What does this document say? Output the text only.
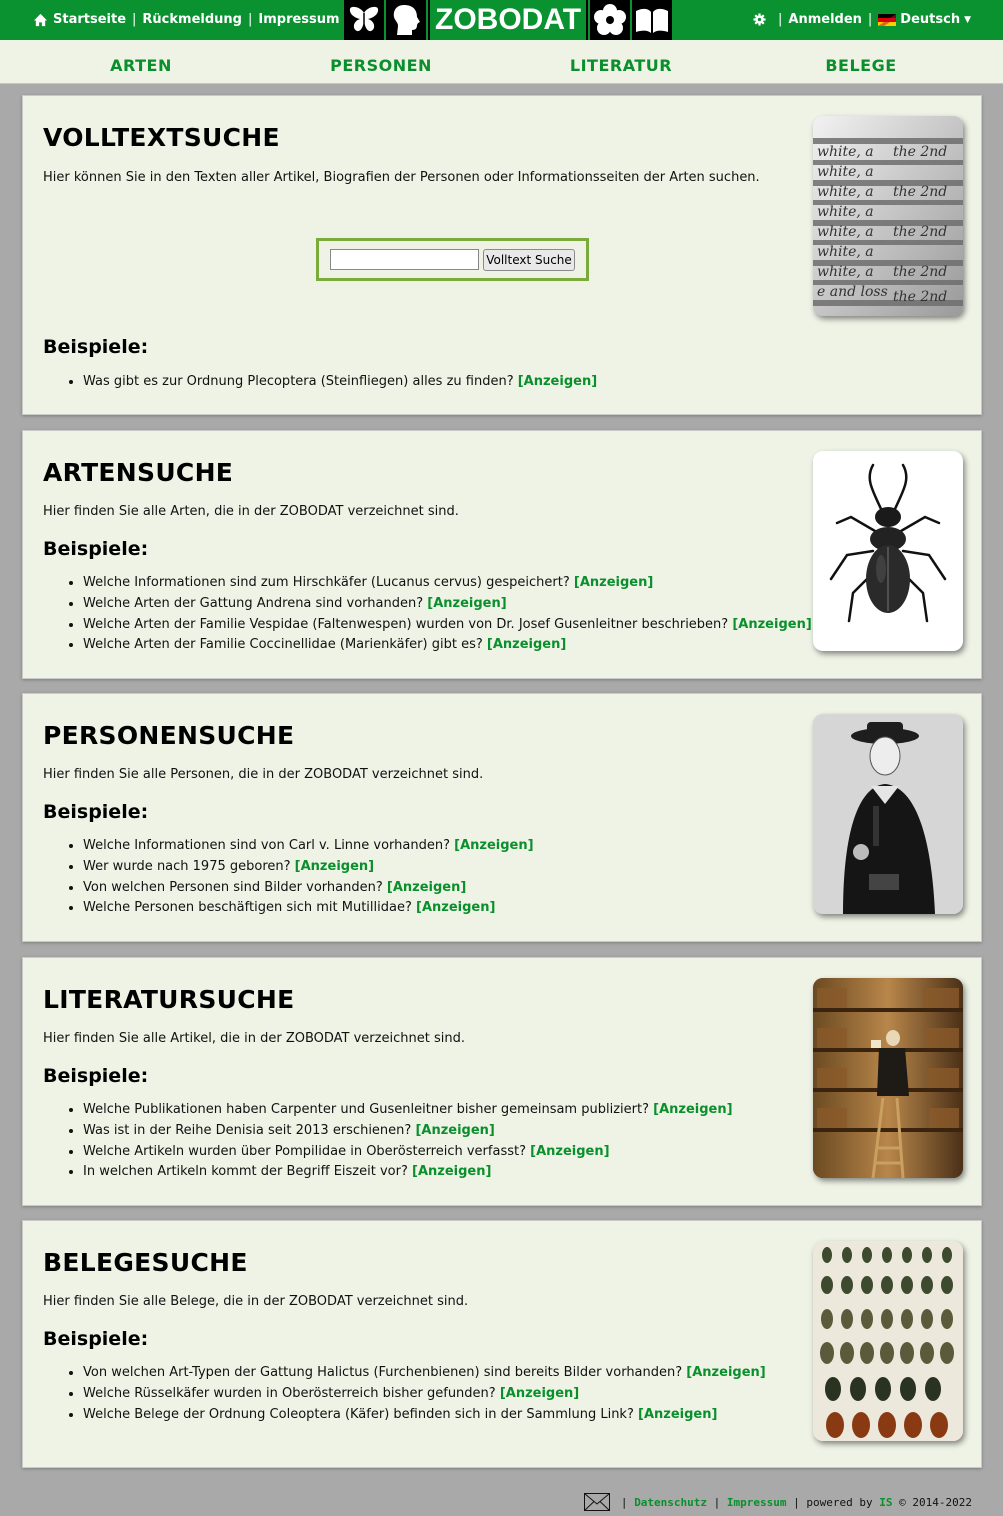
Startseite | Rückmeldung | Impressum	ZOBODAT	| Anmelden | Deutsch ▼
ARTEN	PERSONEN	LITERATUR	BELEGE
VOLLTEXTSUCHE
Hier können Sie in den Texten aller Artikel, Biografien der Personen oder Informationsseiten der Arten suchen.
Volltext Suche
Beispiele:
• Was gibt es zur Ordnung Plecoptera (Steinfliegen) alles zu finden? [Anzeigen]
white, a
white, a
white, a
white, a
white, a
white, a
white, a
e and loss
the 2nd
the 2nd
the 2nd
the 2nd
the 2nd
ARTENSUCHE
Hier finden Sie alle Arten, die in der ZOBODAT verzeichnet sind.
Beispiele:
• Welche Informationen sind zum Hirschkäfer (Lucanus cervus) gespeichert? [Anzeigen]
• Welche Arten der Gattung Andrena sind vorhanden? [Anzeigen]
• Welche Arten der Familie Vespidae (Faltenwespen) wurden von Dr. Josef Gusenleitner beschrieben? [Anzeigen]
• Welche Arten der Familie Coccinellidae (Marienkäfer) gibt es? [Anzeigen]
PERSONENSUCHE
Hier finden Sie alle Personen, die in der ZOBODAT verzeichnet sind.
Beispiele:
• Welche Informationen sind von Carl v. Linne vorhanden? [Anzeigen]
• Wer wurde nach 1975 geboren? [Anzeigen]
• Von welchen Personen sind Bilder vorhanden? [Anzeigen]
• Welche Personen beschäftigen sich mit Mutillidae? [Anzeigen]
LITERATURSUCHE
Hier finden Sie alle Artikel, die in der ZOBODAT verzeichnet sind.
Beispiele:
• Welche Publikationen haben Carpenter und Gusenleitner bisher gemeinsam publiziert? [Anzeigen]
• Was ist in der Reihe Denisia seit 2013 erschienen? [Anzeigen]
• Welche Artikeln wurden über Pompilidae in Oberösterreich verfasst? [Anzeigen]
• In welchen Artikeln kommt der Begriff Eiszeit vor? [Anzeigen]
BELEGESUCHE
Hier finden Sie alle Belege, die in der ZOBODAT verzeichnet sind.
Beispiele:
• Von welchen Art-Typen der Gattung Halictus (Furchenbienen) sind bereits Bilder vorhanden? [Anzeigen]
• Welche Rüsselkäfer wurden in Oberösterreich bisher gefunden? [Anzeigen]
• Welche Belege der Ordnung Coleoptera (Käfer) befinden sich in der Sammlung Link? [Anzeigen]
| Datenschutz | Impressum | powered by
IS
© 2014-2022
